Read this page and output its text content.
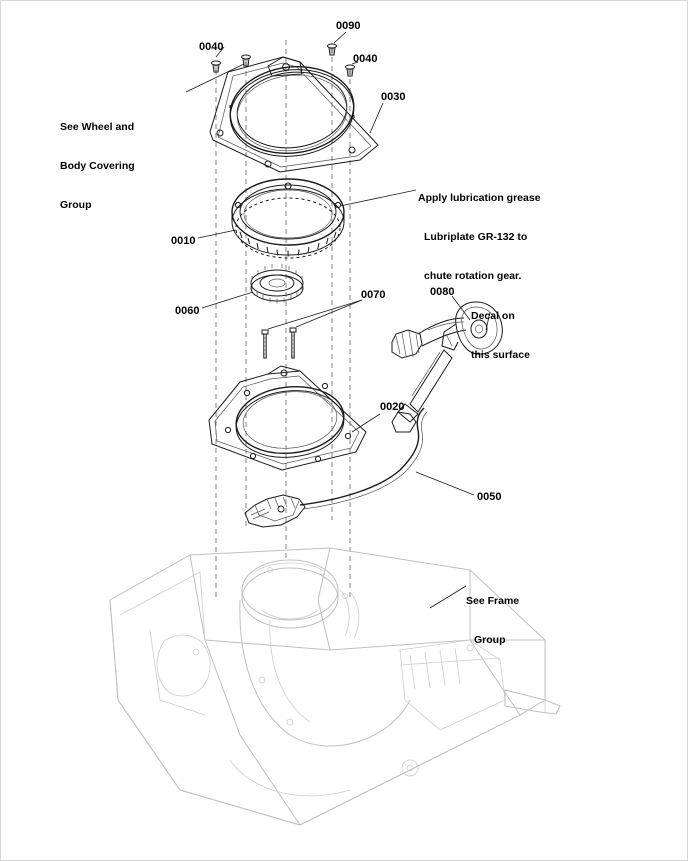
0090
0040
0040
0030
0010
0060
0070	0080
0020
0050

See Wheel and

Body Covering

Group

Apply lubrication grease

Lubriplate GR-132 to

chute rotation gear.

Decal on

this surface

See Frame

Group
